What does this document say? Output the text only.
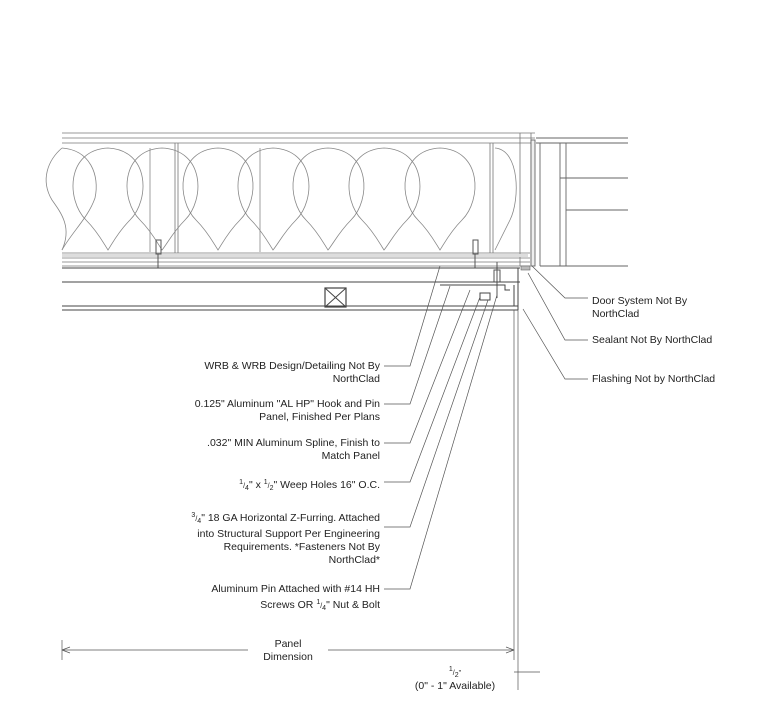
WRB & WRB Design/Detailing Not By
NorthClad
0.125" Aluminum "AL HP" Hook and Pin
Panel, Finished Per Plans
.032" MIN Aluminum Spline, Finish to
Match Panel
$^1/_4$" x $^1/_2$" Weep Holes 16" O.C.
$^3/_4$" 18 GA Horizontal Z-Furring. Attached
into Structural Support Per Engineering
Requirements. *Fasteners Not By
NorthClad*
Aluminum Pin Attached with #14 HH
Screws OR $^1/_4$" Nut & Bolt
Door System Not By
NorthClad
Sealant Not By NorthClad
Flashing Not by NorthClad
Panel
Dimension
$^1/_2$"
(0" - 1" Available)
